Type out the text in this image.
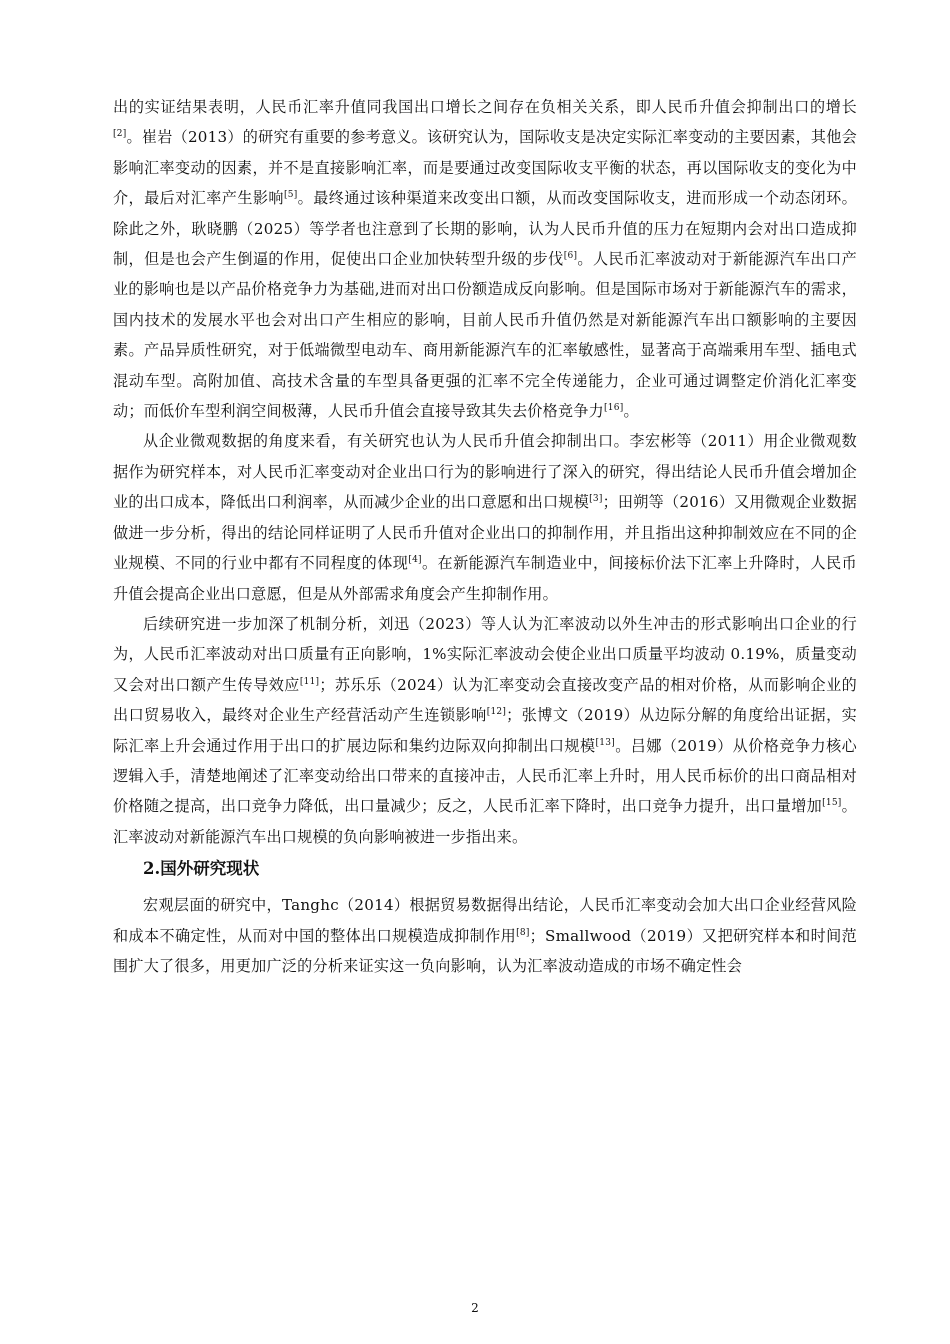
出的实证结果表明，人民币汇率升值同我国出口增长之间存在负相关关系，即人民币升值会抑制出口的增长[2]。崔岩（2013）的研究有重要的参考意义。该研究认为，国际收支是决定实际汇率变动的主要因素，其他会影响汇率变动的因素，并不是直接影响汇率，而是要通过改变国际收支平衡的状态，再以国际收支的变化为中介，最后对汇率产生影响[5]。最终通过该种渠道来改变出口额，从而改变国际收支，进而形成一个动态闭环。除此之外，耿晓鹏（2025）等学者也注意到了长期的影响，认为人民币升值的压力在短期内会对出口造成抑制，但是也会产生倒逼的作用，促使出口企业加快转型升级的步伐[6]。人民币汇率波动对于新能源汽车出口产业的影响也是以产品价格竞争力为基础,进而对出口份额造成反向影响。但是国际市场对于新能源汽车的需求，国内技术的发展水平也会对出口产生相应的影响，目前人民币升值仍然是对新能源汽车出口额影响的主要因素。产品异质性研究，对于低端微型电动车、商用新能源汽车的汇率敏感性，显著高于高端乘用车型、插电式混动车型。高附加值、高技术含量的车型具备更强的汇率不完全传递能力，企业可通过调整定价消化汇率变动；而低价车型利润空间极薄，人民币升值会直接导致其失去价格竞争力[16]。

从企业微观数据的角度来看，有关研究也认为人民币升值会抑制出口。李宏彬等（2011）用企业微观数据作为研究样本，对人民币汇率变动对企业出口行为的影响进行了深入的研究，得出结论人民币升值会增加企业的出口成本，降低出口利润率，从而减少企业的出口意愿和出口规模[3]；田朔等（2016）又用微观企业数据做进一步分析，得出的结论同样证明了人民币升值对企业出口的抑制作用，并且指出这种抑制效应在不同的企业规模、不同的行业中都有不同程度的体现[4]。在新能源汽车制造业中，间接标价法下汇率上升降时，人民币升值会提高企业出口意愿，但是从外部需求角度会产生抑制作用。

后续研究进一步加深了机制分析，刘迅（2023）等人认为汇率波动以外生冲击的形式影响出口企业的行为，人民币汇率波动对出口质量有正向影响，1%实际汇率波动会使企业出口质量平均波动 0.19%，质量变动又会对出口额产生传导效应[11]；苏乐乐（2024）认为汇率变动会直接改变产品的相对价格，从而影响企业的出口贸易收入，最终对企业生产经营活动产生连锁影响[12]；张博文（2019）从边际分解的角度给出证据，实际汇率上升会通过作用于出口的扩展边际和集约边际双向抑制出口规模[13]。吕娜（2019）从价格竞争力核心逻辑入手，清楚地阐述了汇率变动给出口带来的直接冲击，人民币汇率上升时，用人民币标价的出口商品相对价格随之提高，出口竞争力降低，出口量减少；反之，人民币汇率下降时，出口竞争力提升，出口量增加[15]。汇率波动对新能源汽车出口规模的负向影响被进一步指出来。

2.国外研究现状

宏观层面的研究中，Tanghc（2014）根据贸易数据得出结论，人民币汇率变动会加大出口企业经营风险和成本不确定性，从而对中国的整体出口规模造成抑制作用[8]；Smallwood（2019）又把研究样本和时间范围扩大了很多，用更加广泛的分析来证实这一负向影响，认为汇率波动造成的市场不确定性会

2
